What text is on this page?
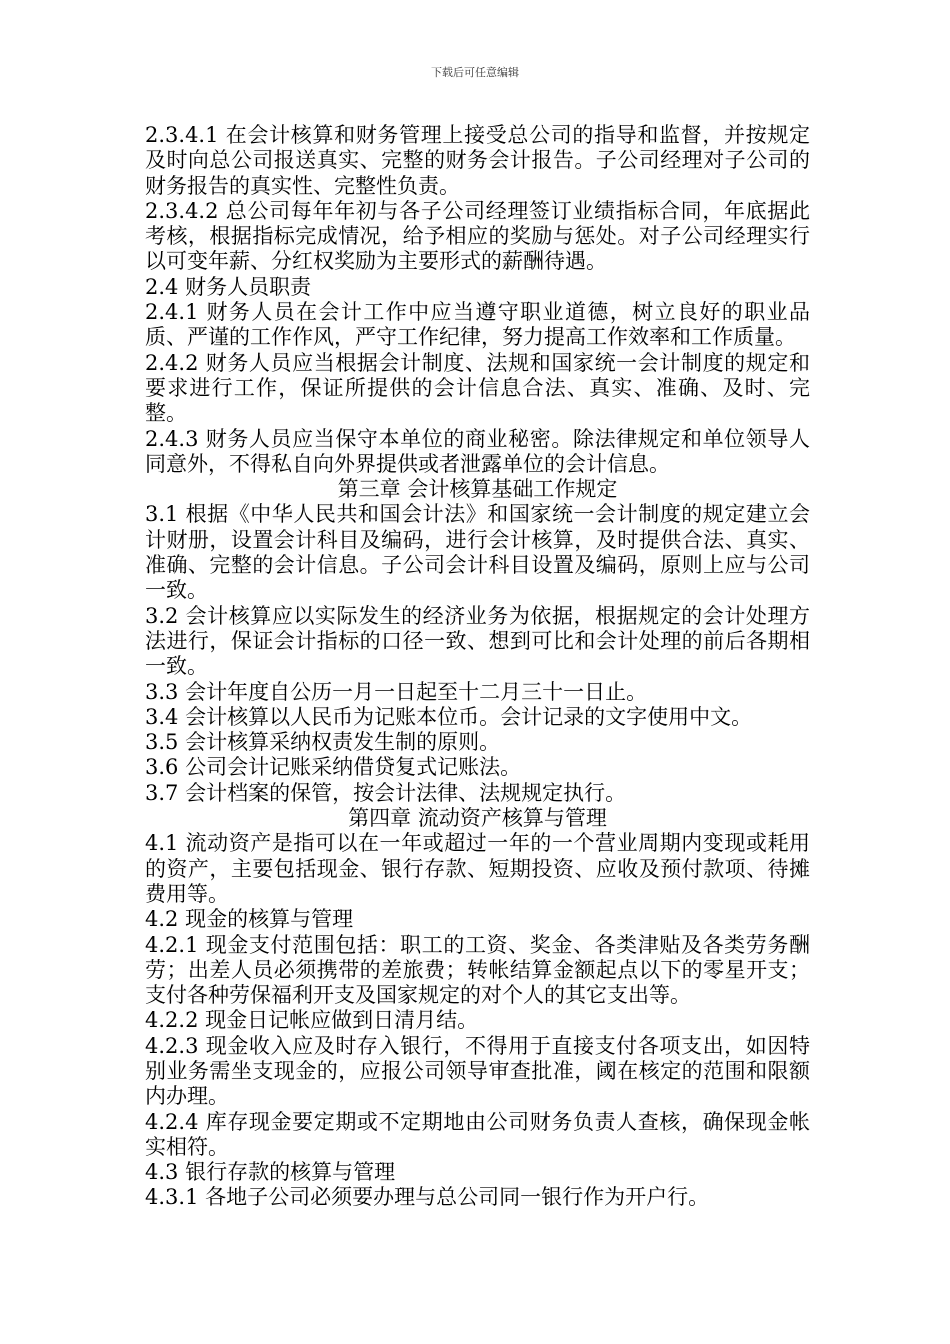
下载后可任意编辑

2.3.4.1 在会计核算和财务管理上接受总公司的指导和监督，并按规定及时向总公司报送真实、完整的财务会计报告。子公司经理对子公司的财务报告的真实性、完整性负责。

2.3.4.2 总公司每年年初与各子公司经理签订业绩指标合同，年底据此考核，根据指标完成情况，给予相应的奖励与惩处。对子公司经理实行以可变年薪、分红权奖励为主要形式的薪酬待遇。

2.4 财务人员职责

2.4.1 财务人员在会计工作中应当遵守职业道德，树立良好的职业品质、严谨的工作作风，严守工作纪律，努力提高工作效率和工作质量。

2.4.2 财务人员应当根据会计制度、法规和国家统一会计制度的规定和要求进行工作，保证所提供的会计信息合法、真实、准确、及时、完整。

2.4.3 财务人员应当保守本单位的商业秘密。除法律规定和单位领导人同意外，不得私自向外界提供或者泄露单位的会计信息。

第三章 会计核算基础工作规定

3.1 根据《中华人民共和国会计法》和国家统一会计制度的规定建立会计财册，设置会计科目及编码，进行会计核算，及时提供合法、真实、准确、完整的会计信息。子公司会计科目设置及编码，原则上应与公司一致。

3.2 会计核算应以实际发生的经济业务为依据，根据规定的会计处理方法进行，保证会计指标的口径一致、想到可比和会计处理的前后各期相一致。

3.3 会计年度自公历一月一日起至十二月三十一日止。

3.4 会计核算以人民币为记账本位币。会计记录的文字使用中文。

3.5 会计核算采纳权责发生制的原则。

3.6 公司会计记账采纳借贷复式记账法。

3.7 会计档案的保管，按会计法律、法规规定执行。

第四章 流动资产核算与管理

4.1 流动资产是指可以在一年或超过一年的一个营业周期内变现或耗用的资产，主要包括现金、银行存款、短期投资、应收及预付款项、待摊费用等。

4.2 现金的核算与管理

4.2.1 现金支付范围包括：职工的工资、奖金、各类津贴及各类劳务酬劳；出差人员必须携带的差旅费；转帐结算金额起点以下的零星开支；支付各种劳保福利开支及国家规定的对个人的其它支出等。

4.2.2 现金日记帐应做到日清月结。

4.2.3 现金收入应及时存入银行，不得用于直接支付各项支出，如因特别业务需坐支现金的，应报公司领导审查批准，阈在核定的范围和限额内办理。

4.2.4 库存现金要定期或不定期地由公司财务负责人查核，确保现金帐实相符。

4.3 银行存款的核算与管理

4.3.1 各地子公司必须要办理与总公司同一银行作为开户行。
